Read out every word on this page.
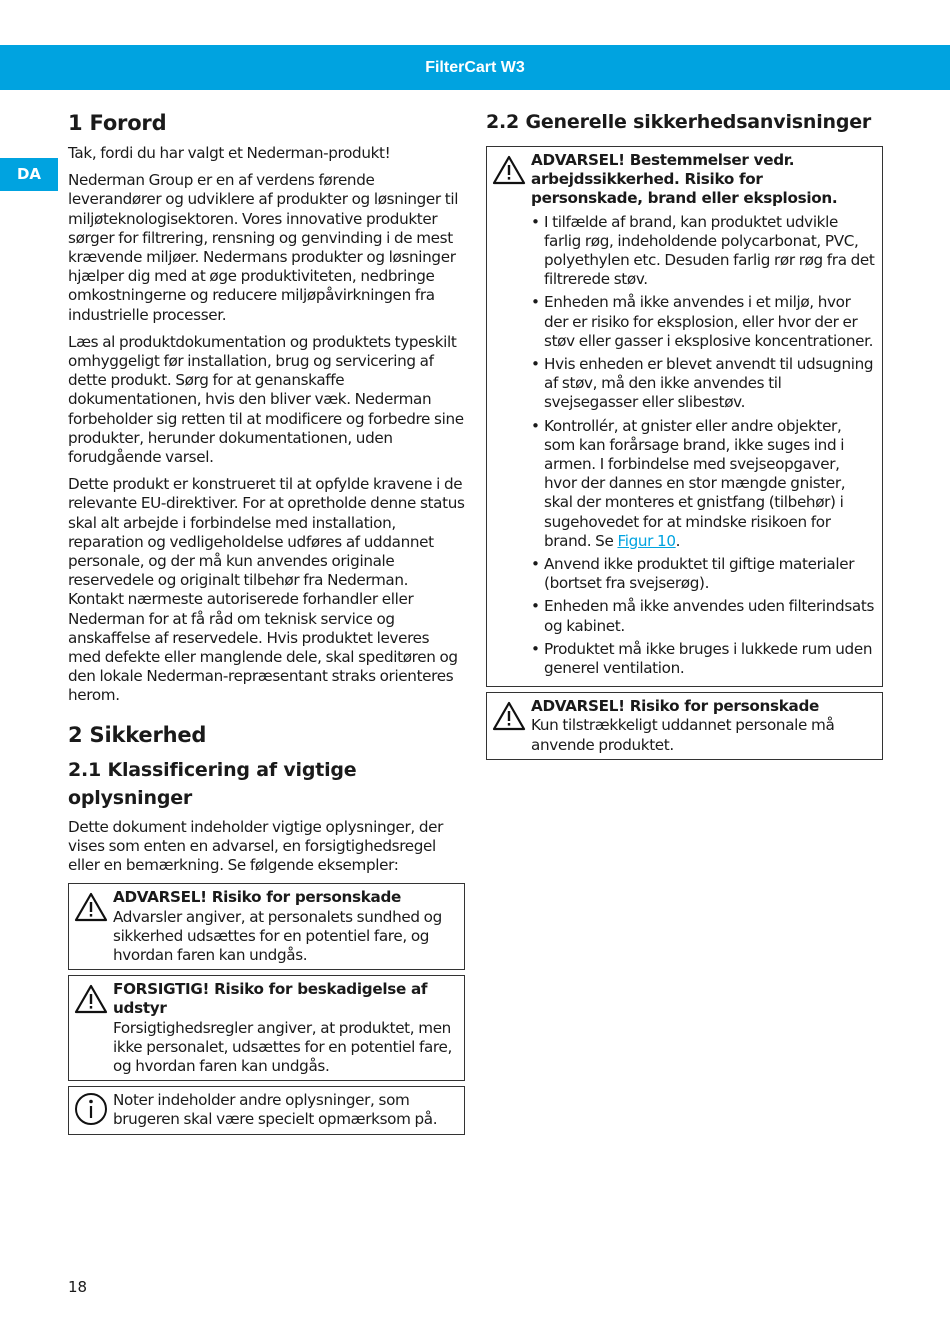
FilterCart W3
DA
1 Forord

Tak, fordi du har valgt et Nederman-produkt!

Nederman Group er en af verdens førende leverandører og udviklere af produkter og løsninger til miljøteknologisektoren. Vores innovative produkter sørger for filtrering, rensning og genvinding i de mest krævende miljøer. Nedermans produkter og løsninger hjælper dig med at øge produktiviteten, nedbringe omkostningerne og reducere miljøpåvirkningen fra industrielle processer.

Læs al produktdokumentation og produktets typeskilt omhyggeligt før installation, brug og servicering af dette produkt. Sørg for at genanskaffe dokumentationen, hvis den bliver væk. Nederman forbeholder sig retten til at modificere og forbedre sine produkter, herunder dokumentationen, uden forudgående varsel.

Dette produkt er konstrueret til at opfylde kravene i de relevante EU-direktiver. For at opretholde denne status skal alt arbejde i forbindelse med installation, reparation og vedligeholdelse udføres af uddannet personale, og der må kun anvendes originale reservedele og originalt tilbehør fra Nederman. Kontakt nærmeste autoriserede forhandler eller Nederman for at få råd om teknisk service og anskaffelse af reservedele. Hvis produktet leveres med defekte eller manglende dele, skal speditøren og den lokale Nederman-repræsentant straks orienteres herom.

2 Sikkerhed
2.1 Klassificering af vigtige oplysninger

Dette dokument indeholder vigtige oplysninger, der vises som enten en advarsel, en forsigtighedsregel eller en bemærkning. Se følgende eksempler:

ADVARSEL! Risiko for personskade
Advarsler angiver, at personalets sundhed og sikkerhed udsættes for en potentiel fare, og hvordan faren kan undgås.
FORSIGTIG! Risiko for beskadigelse af udstyr
Forsigtighedsregler angiver, at produktet, men ikke personalet, udsættes for en potentiel fare, og hvordan faren kan undgås.
Noter indeholder andre oplysninger, som brugeren skal være specielt opmærksom på.
2.2 Generelle sikkerhedsanvisninger
ADVARSEL! Bestemmelser vedr. arbejdssikkerhed. Risiko for personskade, brand eller eksplosion.
• I tilfælde af brand, kan produktet udvikle farlig røg, indeholdende polycarbonat, PVC, polyethylen etc. Desuden farlig rør røg fra det filtrerede støv.
• Enheden må ikke anvendes i et miljø, hvor der er risiko for eksplosion, eller hvor der er støv eller gasser i eksplosive koncentrationer.
• Hvis enheden er blevet anvendt til udsugning af støv, må den ikke anvendes til svejsegasser eller slibestøv.
• Kontrollér, at gnister eller andre objekter, som kan forårsage brand, ikke suges ind i armen. I forbindelse med svejseopgaver, hvor der dannes en stor mængde gnister, skal der monteres et gnistfang (tilbehør) i sugehovedet for at mindske risikoen for brand. Se Figur 10.
• Anvend ikke produktet til giftige materialer (bortset fra svejserøg).
• Enheden må ikke anvendes uden filterindsats og kabinet.
• Produktet må ikke bruges i lukkede rum uden generel ventilation.
ADVARSEL! Risiko for personskade
Kun tilstrækkeligt uddannet personale må anvende produktet.
18
